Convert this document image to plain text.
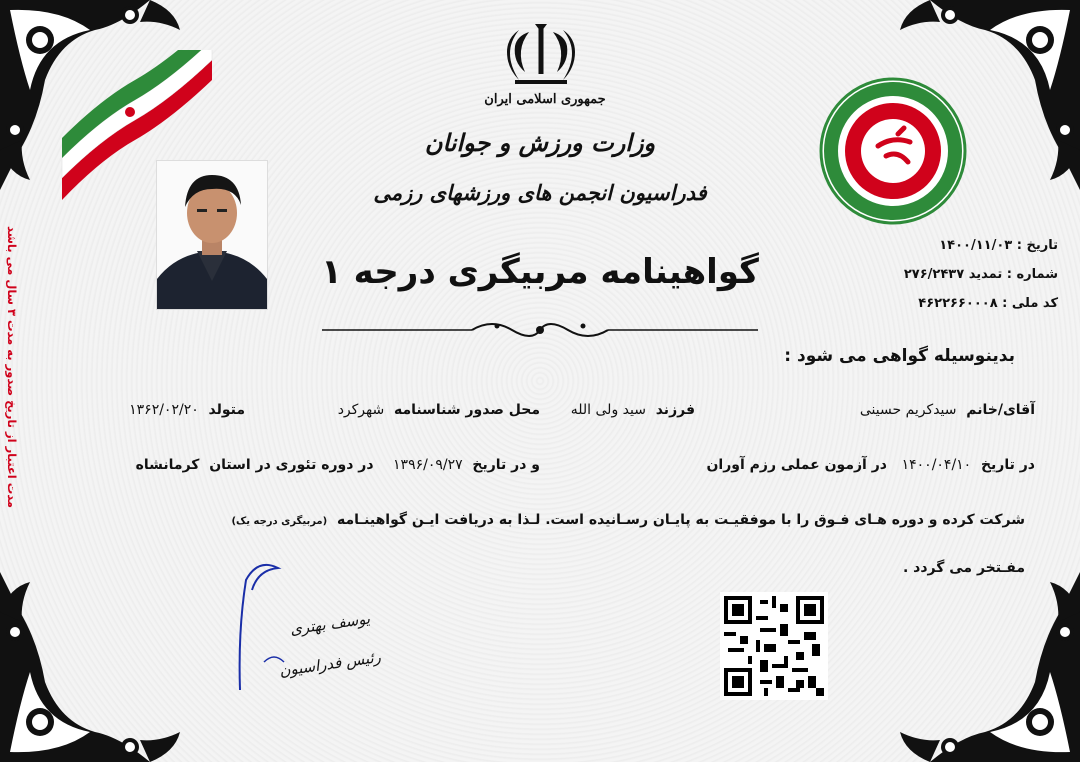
جمهوری اسلامی ایران
وزارت ورزش و جوانان
فدراسیون انجمن های ورزشهای رزمی
گواهینامه مربیگری درجه ۱
تاریخ : ۱۴۰۰/۱۱/۰۳
شماره : تمدید ۲۷۶/۲۴۳۷
کد ملی : ۴۶۲۲۶۶۰۰۰۸
مدت اعتبار از تاریخ صدور به مدت ۳ سال می باشد	بدینوسیله گواهی می شود :
آقای/خانم  سیدکریم حسینی
فرزند  سید ولی الله
محل صدور شناسنامه  شهرکرد
متولد  ۱۳۶۲/۰۲/۲۰
در تاریخ  ۱۴۰۰/۰۴/۱۰   در آزمون عملی رزم آوران
و در تاریخ  ۱۳۹۶/۰۹/۲۷    در دوره تئوری در استان  کرمانشاه
شرکت کرده و دوره هـای فـوق را با موفقیـت به پایـان رسـانیده است. لـذا به دریافت ایـن گواهینـامه  (مربیگری درجه یک)
مفـتخر می گردد .
یوسف بهتری
رئیس فدراسیون
